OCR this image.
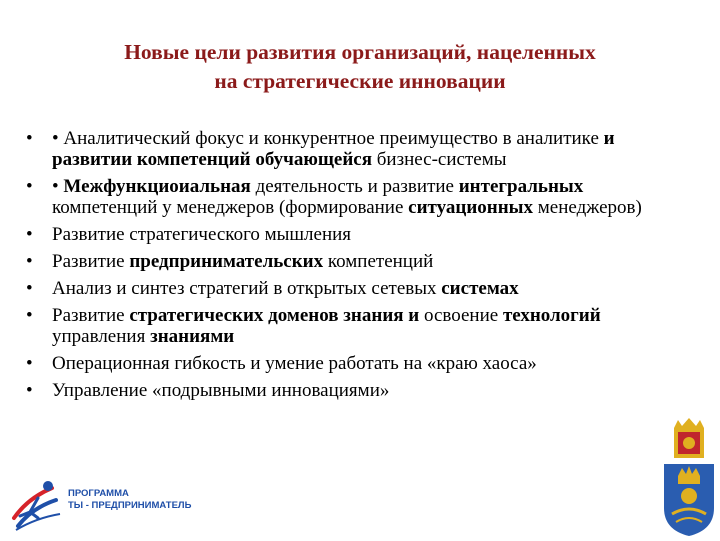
Новые цели развития организаций, нацеленных
на стратегические инновации
• • Аналитический фокус и конкурентное преимущество в аналитике и развитии компетенций обучающейся бизнес-системы
• • Межфункциоиальная деятельность и развитие интегральных компетенций у менеджеров (формирование ситуационных менеджеров)
• Развитие стратегического мышления
• Развитие предпринимательских компетенций
• Анализ и синтез стратегий в открытых сетевых системах
• Развитие стратегических доменов знания и освоение технологий управления знаниями
• Операционная гибкость и умение работать на «краю хаоса»
• Управление «подрывными инновациями»
ПРОГРАММА
ТЫ - ПРЕДПРИНИМАТЕЛЬ
